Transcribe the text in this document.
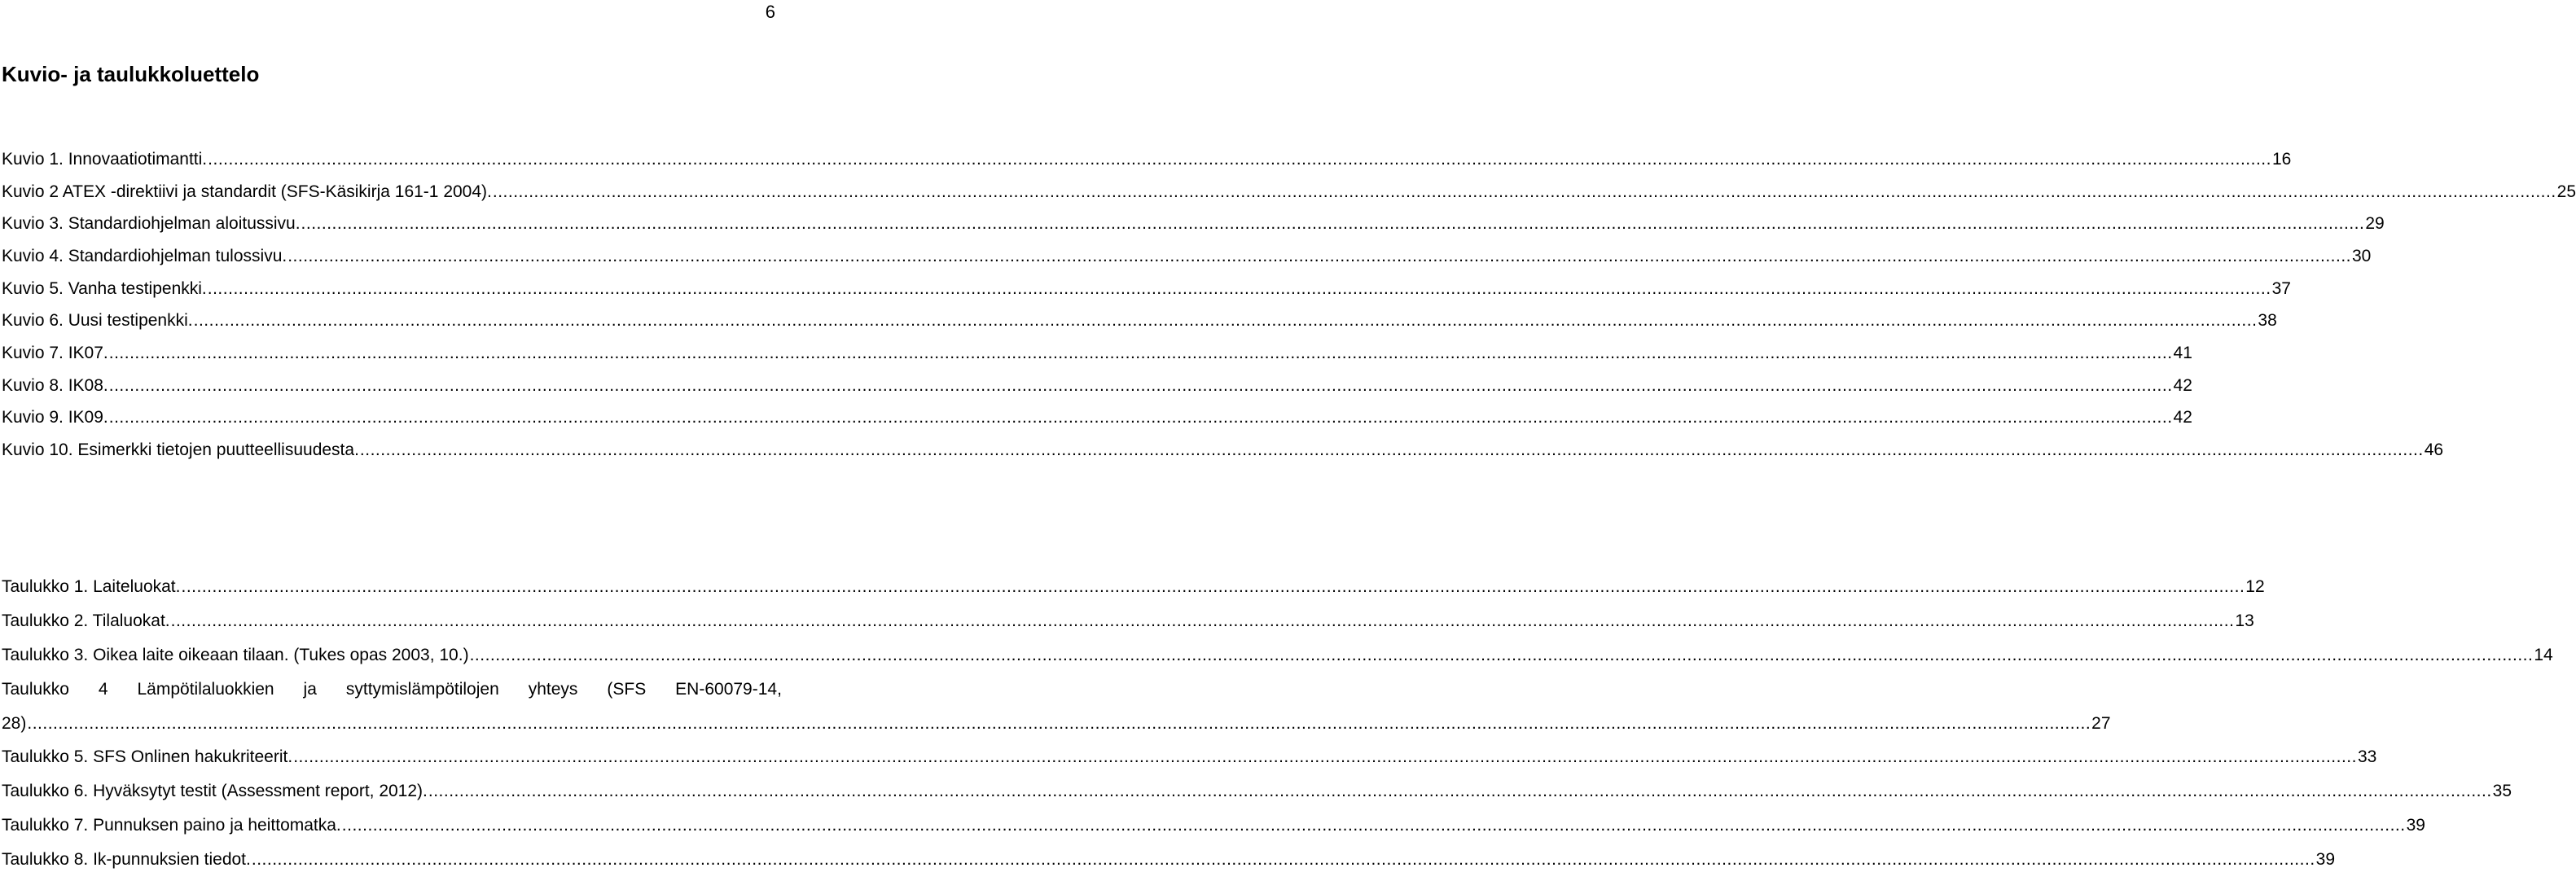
6
Kuvio- ja taulukkoluettelo
Kuvio 1. Innovaatiotimantti. ................................................................................................................................................................................................................................................................................................................................................................................................................ 16
Kuvio 2 ATEX -direktiivi ja standardit (SFS-Käsikirja 161-1 2004). ................................................................................................................................................................................................................................................................................................................................................................................................................ 25
Kuvio 3. Standardiohjelman aloitussivu. ................................................................................................................................................................................................................................................................................................................................................................................................................ 29
Kuvio 4. Standardiohjelman tulossivu. ................................................................................................................................................................................................................................................................................................................................................................................................................ 30
Kuvio 5. Vanha testipenkki. ................................................................................................................................................................................................................................................................................................................................................................................................................ 37
Kuvio 6. Uusi testipenkki. ................................................................................................................................................................................................................................................................................................................................................................................................................ 38
Kuvio 7. IK07. ................................................................................................................................................................................................................................................................................................................................................................................................................ 41
Kuvio 8. IK08. ................................................................................................................................................................................................................................................................................................................................................................................................................ 42
Kuvio 9. IK09. ................................................................................................................................................................................................................................................................................................................................................................................................................ 42
Kuvio 10. Esimerkki tietojen puutteellisuudesta. ................................................................................................................................................................................................................................................................................................................................................................................................................ 46
Taulukko 1. Laiteluokat. ................................................................................................................................................................................................................................................................................................................................................................................................................ 12
Taulukko 2. Tilaluokat. ................................................................................................................................................................................................................................................................................................................................................................................................................ 13
Taulukko 3. Oikea laite oikeaan tilaan. (Tukes opas 2003, 10.) ................................................................................................................................................................................................................................................................................................................................................................................................................ 14
Taulukko 4 Lämpötilaluokkien ja syttymislämpötilojen yhteys (SFS EN-60079-14,
28) ................................................................................................................................................................................................................................................................................................................................................................................................................ 27
Taulukko 5. SFS Onlinen hakukriteerit. ................................................................................................................................................................................................................................................................................................................................................................................................................ 33
Taulukko 6. Hyväksytyt testit (Assessment report, 2012). ................................................................................................................................................................................................................................................................................................................................................................................................................ 35
Taulukko 7. Punnuksen paino ja heittomatka. ................................................................................................................................................................................................................................................................................................................................................................................................................ 39
Taulukko 8. Ik-punnuksien tiedot. ................................................................................................................................................................................................................................................................................................................................................................................................................ 39
